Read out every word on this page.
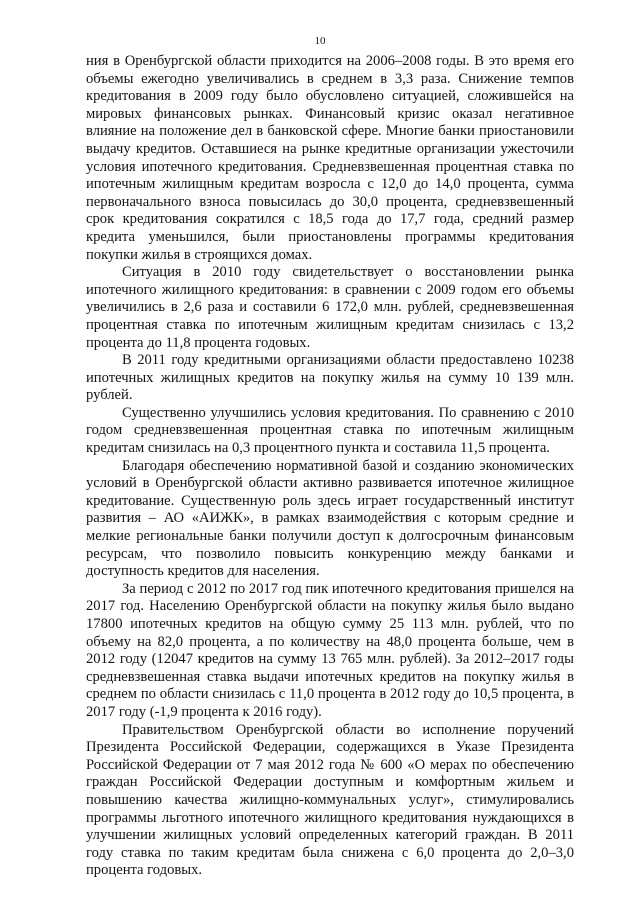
10

ния в Оренбургской области приходится на 2006–2008 годы. В это время его объемы ежегодно увеличивались в среднем в 3,3 раза. Снижение темпов кредитования в 2009 году было обусловлено ситуацией, сложившейся на мировых финансовых рынках. Финансовый кризис оказал негативное влияние на положение дел в банковской сфере. Многие банки приостановили выдачу кредитов. Оставшиеся на рынке кредитные организации ужесточили условия ипотечного кредитования. Средневзвешенная процентная ставка по ипотечным жилищным кредитам возросла с 12,0 до 14,0 процента, сумма первоначального взноса повысилась до 30,0 процента, средневзвешенный срок кредитования сократился с 18,5 года до 17,7 года, средний размер кредита уменьшился, были приостановлены программы кредитования покупки жилья в строящихся домах.

Ситуация в 2010 году свидетельствует о восстановлении рынка ипотечного жилищного кредитования: в сравнении с 2009 годом его объемы увеличились в 2,6 раза и составили 6 172,0 млн. рублей, средневзвешенная процентная ставка по ипотечным жилищным кредитам снизилась с 13,2 процента до 11,8 процента годовых.

В 2011 году кредитными организациями области предоставлено 10238 ипотечных жилищных кредитов на покупку жилья на сумму 10 139 млн. рублей.

Существенно улучшились условия кредитования. По сравнению с 2010 годом средневзвешенная процентная ставка по ипотечным жилищным кредитам снизилась на 0,3 процентного пункта и составила 11,5 процента.

Благодаря обеспечению нормативной базой и созданию экономических условий в Оренбургской области активно развивается ипотечное жилищное кредитование. Существенную роль здесь играет государственный институт развития – АО «АИЖК», в рамках взаимодействия с которым средние и мелкие региональные банки получили доступ к долгосрочным финансовым ресурсам, что позволило повысить конкуренцию между банками и доступность кредитов для населения.

За период с 2012 по 2017 год пик ипотечного кредитования пришелся на 2017 год. Населению Оренбургской области на покупку жилья было выдано 17800 ипотечных кредитов на общую сумму 25 113 млн. рублей, что по объему на 82,0 процента, а по количеству на 48,0 процента больше, чем в 2012 году (12047 кредитов на сумму 13 765 млн. рублей). За 2012–2017 годы средневзвешенная ставка выдачи ипотечных кредитов на покупку жилья в среднем по области снизилась с 11,0 процента в 2012 году до 10,5 процента, в 2017 году (-1,9 процента к 2016 году).

Правительством Оренбургской области во исполнение поручений Президента Российской Федерации, содержащихся в Указе Президента Российской Федерации от 7 мая 2012 года № 600 «О мерах по обеспечению граждан Российской Федерации доступным и комфортным жильем и повышению качества жилищно-коммунальных услуг», стимулировались программы льготного ипотечного жилищного кредитования нуждающихся в улучшении жилищных условий определенных категорий граждан. В 2011 году ставка по таким кредитам была снижена с 6,0 процента до 2,0–3,0 процента годовых.
